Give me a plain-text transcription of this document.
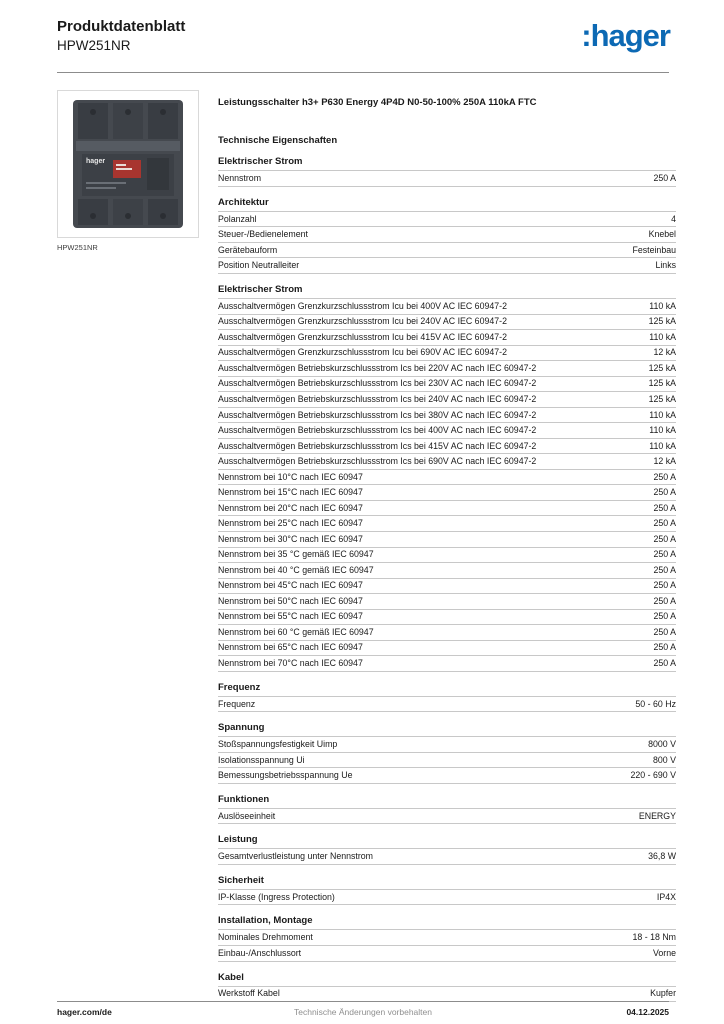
Produktdatenblatt
HPW251NR	:hager
hager
HPW251NR
Leistungsschalter h3+ P630 Energy 4P4D N0-50-100% 250A 110kA FTC
Technische Eigenschaften
Elektrischer Strom
Nennstrom	250 A
Architektur
Polanzahl	4
Steuer-/Bedienelement	Knebel
Gerätebauform	Festeinbau
Position Neutralleiter	Links
Elektrischer Strom
Ausschaltvermögen Grenzkurzschlussstrom Icu bei 400V AC IEC 60947-2	110 kA
Ausschaltvermögen Grenzkurzschlussstrom Icu bei 240V AC IEC 60947-2	125 kA
Ausschaltvermögen Grenzkurzschlussstrom Icu bei 415V AC IEC 60947-2	110 kA
Ausschaltvermögen Grenzkurzschlussstrom Icu bei 690V AC IEC 60947-2	12 kA
Ausschaltvermögen Betriebskurzschlussstrom Ics bei 220V AC nach IEC 60947-2	125 kA
Ausschaltvermögen Betriebskurzschlussstrom Ics bei 230V AC nach IEC 60947-2	125 kA
Ausschaltvermögen Betriebskurzschlussstrom Ics bei 240V AC nach IEC 60947-2	125 kA
Ausschaltvermögen Betriebskurzschlussstrom Ics bei 380V AC nach IEC 60947-2	110 kA
Ausschaltvermögen Betriebskurzschlussstrom Ics bei 400V AC nach IEC 60947-2	110 kA
Ausschaltvermögen Betriebskurzschlussstrom Ics bei 415V AC nach IEC 60947-2	110 kA
Ausschaltvermögen Betriebskurzschlussstrom Ics bei 690V AC nach IEC 60947-2	12 kA
Nennstrom bei 10°C nach IEC 60947	250 A
Nennstrom bei 15°C nach IEC 60947	250 A
Nennstrom bei 20°C nach IEC 60947	250 A
Nennstrom bei 25°C nach IEC 60947	250 A
Nennstrom bei 30°C nach IEC 60947	250 A
Nennstrom bei 35 °C gemäß IEC 60947	250 A
Nennstrom bei 40 °C gemäß IEC 60947	250 A
Nennstrom bei 45°C nach IEC 60947	250 A
Nennstrom bei 50°C nach IEC 60947	250 A
Nennstrom bei 55°C nach IEC 60947	250 A
Nennstrom bei 60 °C gemäß IEC 60947	250 A
Nennstrom bei 65°C nach IEC 60947	250 A
Nennstrom bei 70°C nach IEC 60947	250 A
Frequenz
Frequenz	50 - 60 Hz
Spannung
Stoßspannungsfestigkeit Uimp	8000 V
Isolationsspannung Ui	800 V
Bemessungsbetriebsspannung Ue	220 - 690 V
Funktionen
Auslöseeinheit	ENERGY
Leistung
Gesamtverlustleistung unter Nennstrom	36,8 W
Sicherheit
IP-Klasse (Ingress Protection)	IP4X
Installation, Montage
Nominales Drehmoment	18 - 18 Nm
Einbau-/Anschlussort	Vorne
Kabel
Werkstoff Kabel	Kupfer
hager.com/de	Technische Änderungen vorbehalten	04.12.2025
